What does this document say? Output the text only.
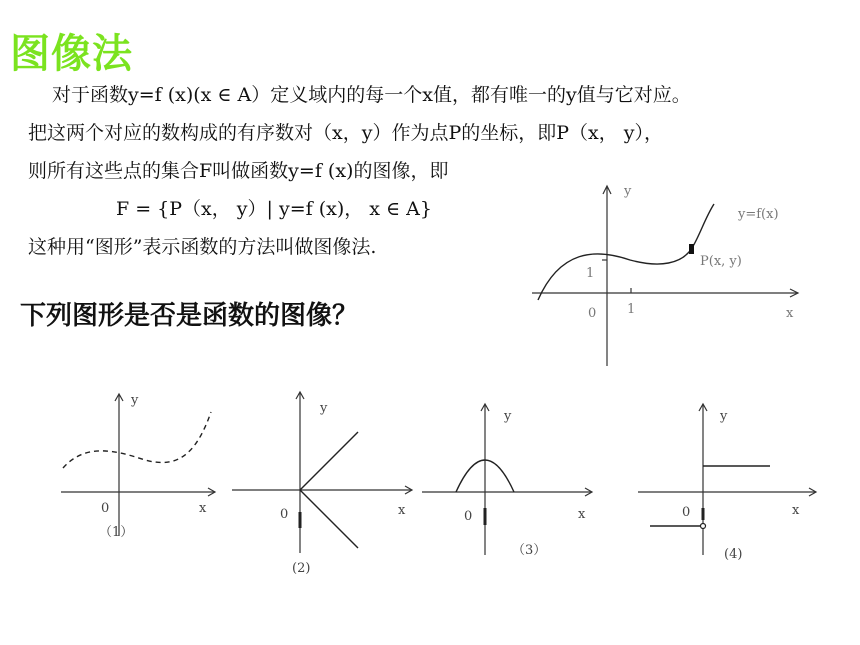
图像法
对于函数y=f (x)(x ∈ A）定义域内的每一个x值，都有唯一的y值与它对应。
把这两个对应的数构成的有序数对（x，y）作为点P的坐标，即P（x， y），
则所有这些点的集合F叫做函数y=f (x)的图像，即
F = {P（x， y）| y=f (x)， x ∈ A}
这种用“图形”表示函数的方法叫做图像法.
下列图形是否是函数的图像？
y
x
0 1
1
y=f(x)
P(x, y)
y
x
0
（1）
y
x
0
(2)
y
x
0
（3）
y
x
0
(4)
